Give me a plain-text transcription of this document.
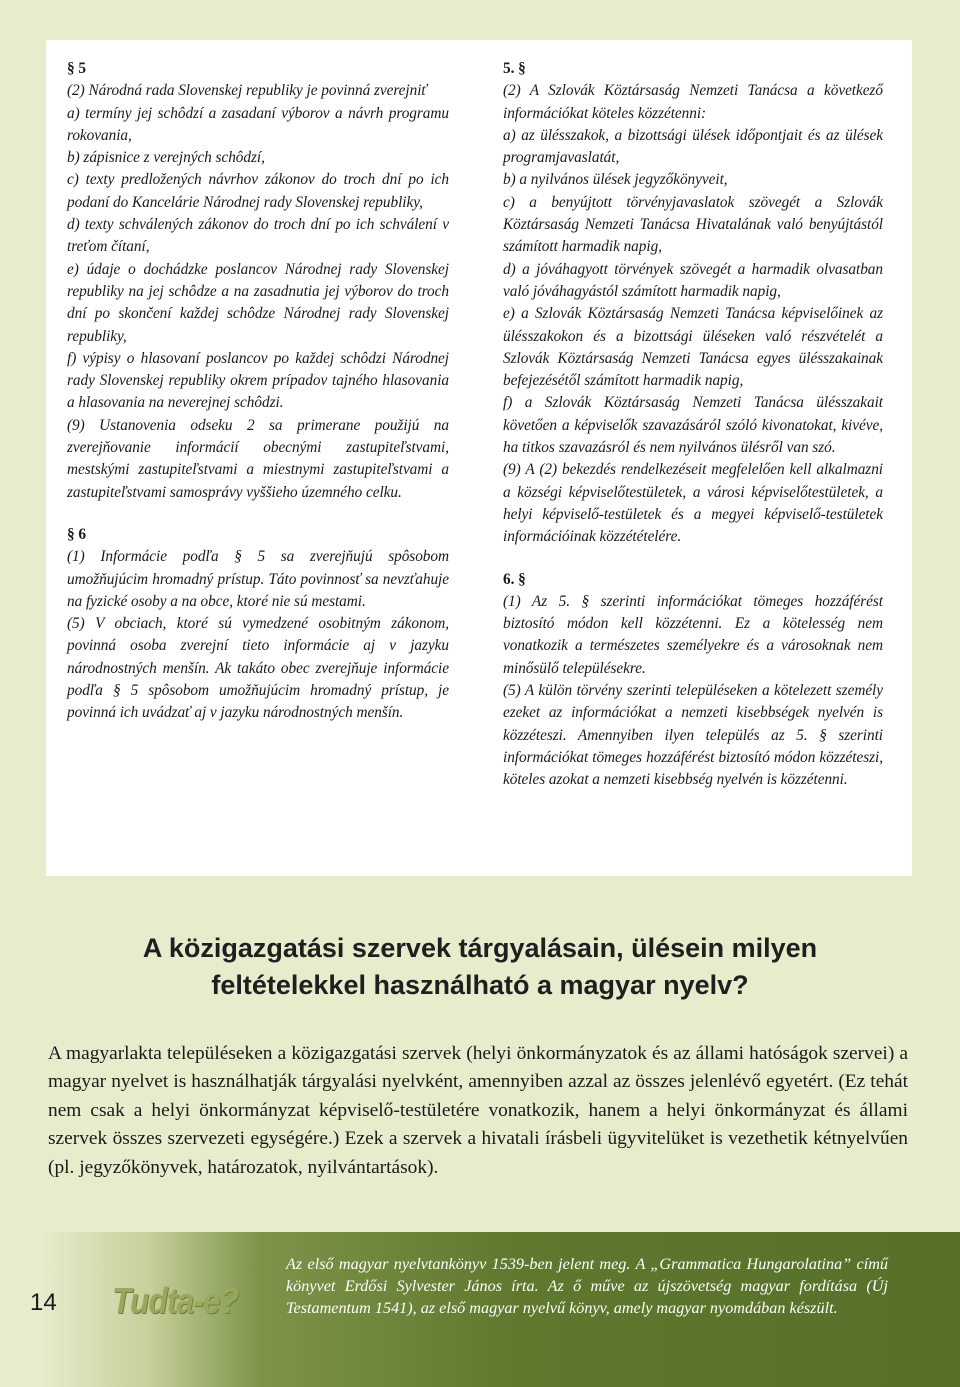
§ 5
(2) Národná rada Slovenskej republiky je povinná zverejniť
a) termíny jej schôdzí a zasadaní výborov a návrh programu rokovania,
b) zápisnice z verejných schôdzí,
c) texty predložených návrhov zákonov do troch dní po ich podaní do Kancelárie Národnej rady Slovenskej republiky,
d) texty schválených zákonov do troch dní po ich schválení v treťom čítaní,
e) údaje o dochádzke poslancov Národnej rady Slovenskej republiky na jej schôdze a na zasadnutia jej výborov do troch dní po skončení každej schôdze Národnej rady Slovenskej republiky,
f) výpisy o hlasovaní poslancov po každej schôdzi Národnej rady Slovenskej republiky okrem prípadov tajného hlasovania a hlasovania na neverejnej schôdzi.
(9) Ustanovenia odseku 2 sa primerane použijú na zverejňovanie informácií obecnými zastupiteľstvami, mestskými zastupiteľstvami a miestnymi zastupiteľstvami a zastupiteľstvami samosprávy vyššieho územného celku.
§ 6
(1) Informácie podľa § 5 sa zverejňujú spôsobom umožňujúcim hromadný prístup. Táto povinnosť sa nevzťahuje na fyzické osoby a na obce, ktoré nie sú mestami.
(5) V obciach, ktoré sú vymedzené osobitným zákonom, povinná osoba zverejní tieto informácie aj v jazyku národnostných menšín. Ak takáto obec zverejňuje informácie podľa § 5 spôsobom umožňujúcim hromadný prístup, je povinná ich uvádzať aj v jazyku národnostných menšín.
5. §
(2) A Szlovák Köztársaság Nemzeti Tanácsa a következő információkat köteles közzétenni:
a) az ülésszakok, a bizottsági ülések időpontjait és az ülések programjavaslatát,
b) a nyilvános ülések jegyzőkönyveit,
c) a benyújtott törvényjavaslatok szövegét a Szlovák Köztársaság Nemzeti Tanácsa Hivatalának való benyújtástól számított harmadik napig,
d) a jóváhagyott törvények szövegét a harmadik olvasatban való jóváhagyástól számított harmadik napig,
e) a Szlovák Köztársaság Nemzeti Tanácsa képviselőinek az ülésszakokon és a bizottsági üléseken való részvételét a Szlovák Köztársaság Nemzeti Tanácsa egyes ülésszakainak befejezésétől számított harmadik napig,
f) a Szlovák Köztársaság Nemzeti Tanácsa ülésszakait követően a képviselők szavazásáról szóló kivonatokat, kivéve, ha titkos szavazásról és nem nyilvános ülésről van szó.
(9) A (2) bekezdés rendelkezéseit megfelelően kell alkalmazni a községi képviselőtestületek, a városi képviselőtestületek, a helyi képviselő-testületek és a megyei képviselő-testületek információinak közzétételére.
6. §
(1) Az 5. § szerinti információkat tömeges hozzáférést biztosító módon kell közzétenni. Ez a kötelesség nem vonatkozik a természetes személyekre és a városoknak nem minősülő településekre.
(5) A külön törvény szerinti településeken a kötelezett személy ezeket az információkat a nemzeti kisebbségek nyelvén is közzéteszi. Amennyiben ilyen település az 5. § szerinti információkat tömeges hozzáférést biztosító módon közzéteszi, köteles azokat a nemzeti kisebbség nyelvén is közzétenni.
A közigazgatási szervek tárgyalásain, ülésein milyen
feltételekkel használható a magyar nyelv?
A magyarlakta településeken a közigazgatási szervek (helyi önkormányzatok és az állami hatóságok szervei) a magyar nyelvet is használhatják tárgyalási nyelvként, amennyiben azzal az összes jelenlévő egyetért. (Ez tehát nem csak a helyi önkormányzat képviselő-testületére vonatkozik, hanem a helyi önkormányzat és állami szervek összes szervezeti egységére.) Ezek a szervek a hivatali írásbeli ügyvitelüket is vezethetik kétnyelvűen (pl. jegyzőkönyvek, határozatok, nyilvántartások).
14 Tudta-e?
Az első magyar nyelvtankönyv 1539-ben jelent meg. A „Grammatica Hungarolatina” című könyvet Erdősi Sylvester János írta. Az ő műve az újszövetség magyar fordítása (Új Testamentum 1541), az első magyar nyelvű könyv, amely magyar nyomdában készült.
